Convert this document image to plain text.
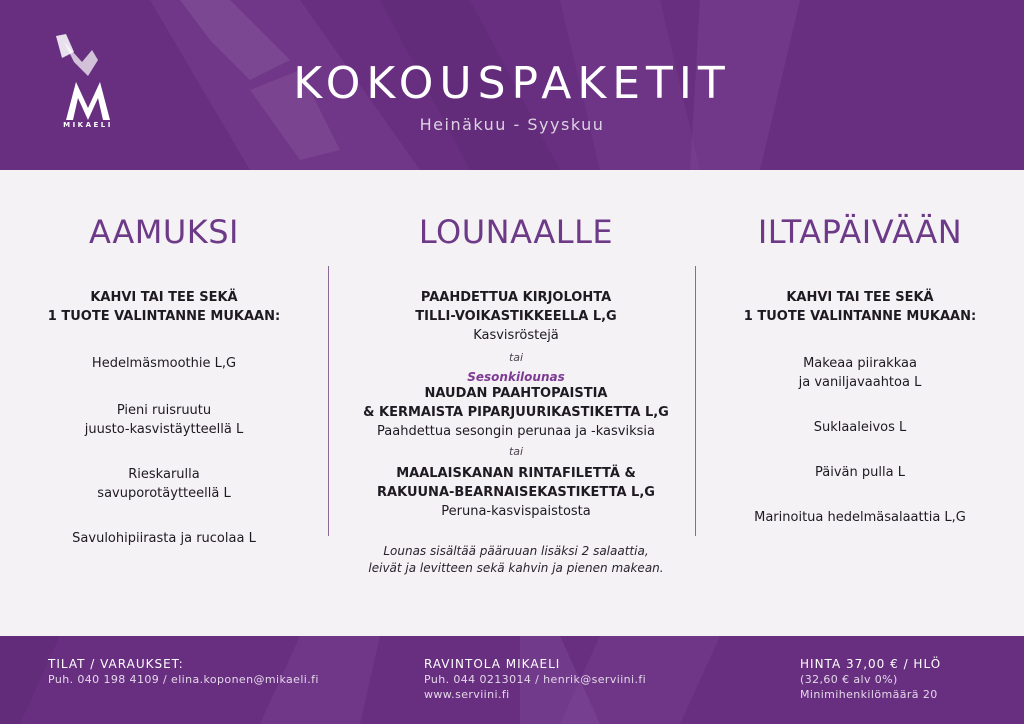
MIKAELI
KOKOUSPAKETIT
Heinäkuu - Syyskuu
AAMUKSI
KAHVI TAI TEE SEKÄ
1 TUOTE VALINTANNE MUKAAN:
Hedelmäsmoothie L,G
Pieni ruisruutu
juusto-kasvistäytteellä L
Rieskarulla
savuporotäytteellä L
Savulohipiirasta ja rucolaa L
LOUNAALLE
PAAHDETTUA KIRJOLOHTA
TILLI-VOIKASTIKKEELLA L,G
Kasvisröstejä
tai
Sesonkilounas
NAUDAN PAAHTOPAISTIA
& KERMAISTA PIPARJUURIKASTIKETTA L,G
Paahdettua sesongin perunaa ja -kasviksia
tai
MAALAISKANAN RINTAFILETTÄ &
RAKUUNA-BEARNAISEKASTIKETTA L,G
Peruna-kasvispaistosta
Lounas sisältää pääruuan lisäksi 2 salaattia,
leivät ja levitteen sekä kahvin ja pienen makean.
ILTAPÄIVÄÄN
KAHVI TAI TEE SEKÄ
1 TUOTE VALINTANNE MUKAAN:
Makeaa piirakkaa
ja vaniljavaahtoa L
Suklaaleivos L
Päivän pulla L
Marinoitua hedelmäsalaattia L,G
TILAT / VARAUKSET:
Puh. 040 198 4109 / elina.koponen@mikaeli.fi
RAVINTOLA MIKAELI
Puh. 044 0213014 / henrik@serviini.fi
www.serviini.fi
HINTA 37,00 € / HLÖ
(32,60 € alv 0%)
Minimihenkilömäärä 20
